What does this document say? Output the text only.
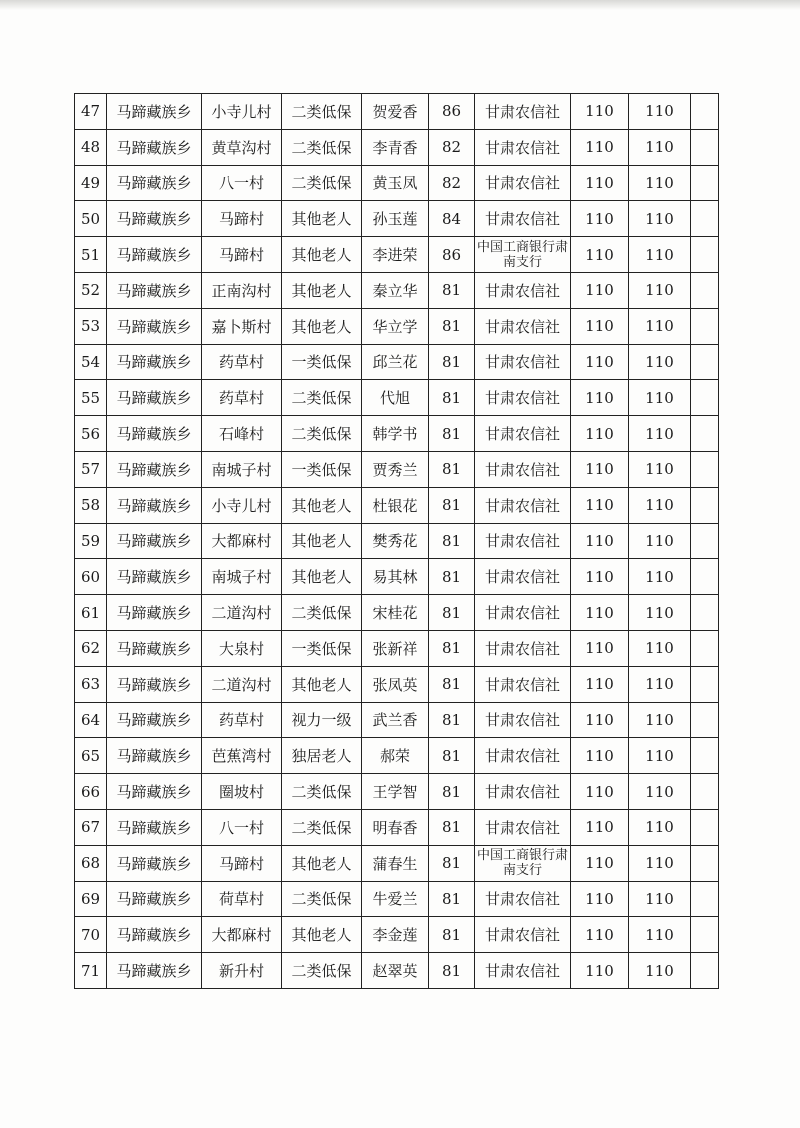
47	马蹄藏族乡	小寺儿村	二类低保	贺爱香	86	甘肃农信社	110	110	
48	马蹄藏族乡	黄草沟村	二类低保	李青香	82	甘肃农信社	110	110	
49	马蹄藏族乡	八一村	二类低保	黄玉凤	82	甘肃农信社	110	110	
50	马蹄藏族乡	马蹄村	其他老人	孙玉莲	84	甘肃农信社	110	110	
51	马蹄藏族乡	马蹄村	其他老人	李进荣	86	中国工商银行肃南支行	110	110	
52	马蹄藏族乡	正南沟村	其他老人	秦立华	81	甘肃农信社	110	110	
53	马蹄藏族乡	嘉卜斯村	其他老人	华立学	81	甘肃农信社	110	110	
54	马蹄藏族乡	药草村	一类低保	邱兰花	81	甘肃农信社	110	110	
55	马蹄藏族乡	药草村	二类低保	代旭	81	甘肃农信社	110	110	
56	马蹄藏族乡	石峰村	二类低保	韩学书	81	甘肃农信社	110	110	
57	马蹄藏族乡	南城子村	一类低保	贾秀兰	81	甘肃农信社	110	110	
58	马蹄藏族乡	小寺儿村	其他老人	杜银花	81	甘肃农信社	110	110	
59	马蹄藏族乡	大都麻村	其他老人	樊秀花	81	甘肃农信社	110	110	
60	马蹄藏族乡	南城子村	其他老人	易其林	81	甘肃农信社	110	110	
61	马蹄藏族乡	二道沟村	二类低保	宋桂花	81	甘肃农信社	110	110	
62	马蹄藏族乡	大泉村	一类低保	张新祥	81	甘肃农信社	110	110	
63	马蹄藏族乡	二道沟村	其他老人	张凤英	81	甘肃农信社	110	110	
64	马蹄藏族乡	药草村	视力一级	武兰香	81	甘肃农信社	110	110	
65	马蹄藏族乡	芭蕉湾村	独居老人	郝荣	81	甘肃农信社	110	110	
66	马蹄藏族乡	圈坡村	二类低保	王学智	81	甘肃农信社	110	110	
67	马蹄藏族乡	八一村	二类低保	明春香	81	甘肃农信社	110	110	
68	马蹄藏族乡	马蹄村	其他老人	蒲春生	81	中国工商银行肃南支行	110	110	
69	马蹄藏族乡	荷草村	二类低保	牛爱兰	81	甘肃农信社	110	110	
70	马蹄藏族乡	大都麻村	其他老人	李金莲	81	甘肃农信社	110	110	
71	马蹄藏族乡	新升村	二类低保	赵翠英	81	甘肃农信社	110	110	
